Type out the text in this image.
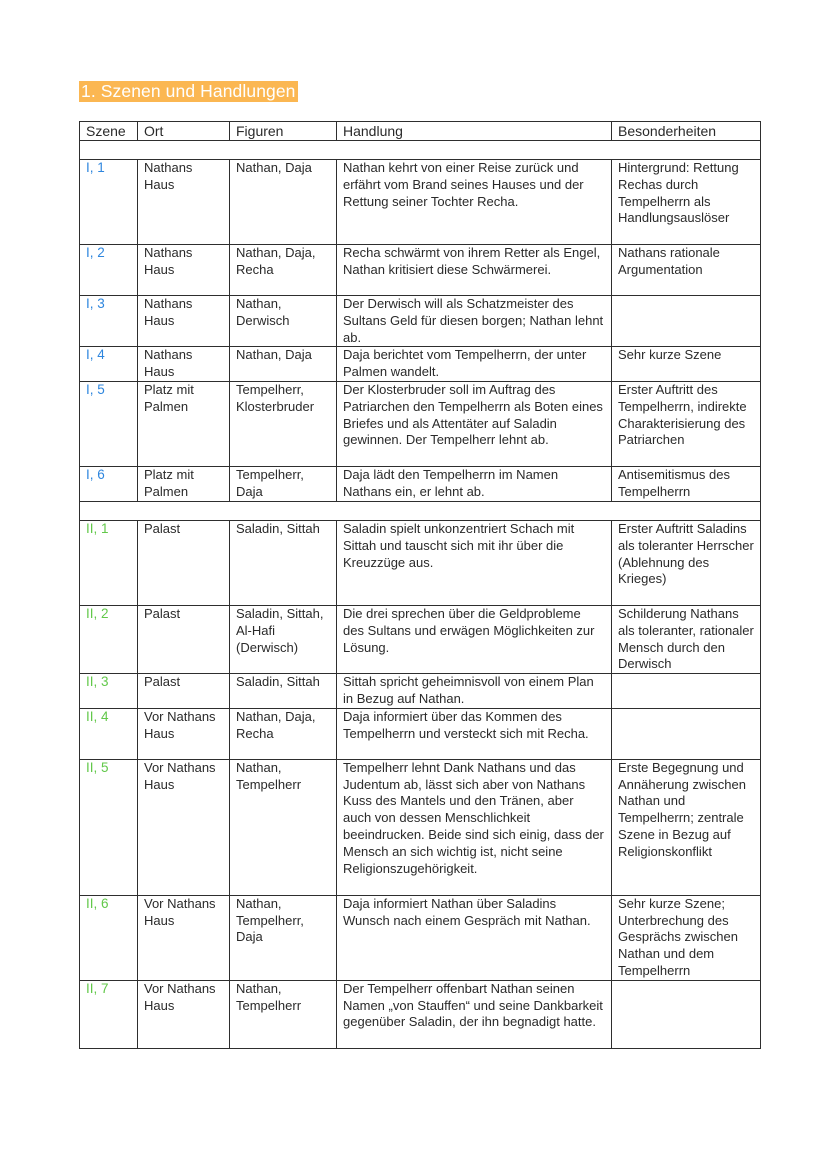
1. Szenen und Handlungen
Szene	Ort	Figuren	Handlung	Besonderheiten

I, 1	Nathans Haus	Nathan, Daja	Nathan kehrt von einer Reise zurück und erfährt vom Brand seines Hauses und der Rettung seiner Tochter Recha.	Hintergrund: Rettung Rechas durch Tempelherrn als Handlungsauslöser
I, 2	Nathans Haus	Nathan, Daja, Recha	Recha schwärmt von ihrem Retter als Engel, Nathan kritisiert diese Schwärmerei.	Nathans rationale Argumentation
I, 3	Nathans Haus	Nathan, Derwisch	Der Derwisch will als Schatzmeister des Sultans Geld für diesen borgen; Nathan lehnt ab.	
I, 4	Nathans Haus	Nathan, Daja	Daja berichtet vom Tempelherrn, der unter Palmen wandelt.	Sehr kurze Szene
I, 5	Platz mit Palmen	Tempelherr, Klosterbruder	Der Klosterbruder soll im Auftrag des Patriarchen den Tempelherrn als Boten eines Briefes und als Attentäter auf Saladin gewinnen. Der Tempelherr lehnt ab.	Erster Auftritt des Tempelherrn, indirekte Charakterisierung des Patriarchen
I, 6	Platz mit Palmen	Tempelherr, Daja	Daja lädt den Tempelherrn im Namen Nathans ein, er lehnt ab.	Antisemitismus des Tempelherrn

II, 1	Palast	Saladin, Sittah	Saladin spielt unkonzentriert Schach mit Sittah und tauscht sich mit ihr über die Kreuzzüge aus.	Erster Auftritt Saladins als toleranter Herrscher (Ablehnung des Krieges)
II, 2	Palast	Saladin, Sittah, Al-Hafi (Derwisch)	Die drei sprechen über die Geldprobleme des Sultans und erwägen Möglichkeiten zur Lösung.	Schilderung Nathans als toleranter, rationaler Mensch durch den Derwisch
II, 3	Palast	Saladin, Sittah	Sittah spricht geheimnisvoll von einem Plan in Bezug auf Nathan.	
II, 4	Vor Nathans Haus	Nathan, Daja, Recha	Daja informiert über das Kommen des Tempelherrn und versteckt sich mit Recha.	
II, 5	Vor Nathans Haus	Nathan, Tempelherr	Tempelherr lehnt Dank Nathans und das Judentum ab, lässt sich aber von Nathans Kuss des Mantels und den Tränen, aber auch von dessen Menschlichkeit beeindrucken. Beide sind sich einig, dass der Mensch an sich wichtig ist, nicht seine Religionszugehörigkeit.	Erste Begegnung und Annäherung zwischen Nathan und Tempelherrn; zentrale Szene in Bezug auf Religionskonflikt
II, 6	Vor Nathans Haus	Nathan, Tempelherr, Daja	Daja informiert Nathan über Saladins Wunsch nach einem Gespräch mit Nathan.	Sehr kurze Szene; Unterbrechung des Gesprächs zwischen Nathan und dem Tempelherrn
II, 7	Vor Nathans Haus	Nathan, Tempelherr	Der Tempelherr offenbart Nathan seinen Namen „von Stauffen“ und seine Dankbarkeit gegenüber Saladin, der ihn begnadigt hatte.	
